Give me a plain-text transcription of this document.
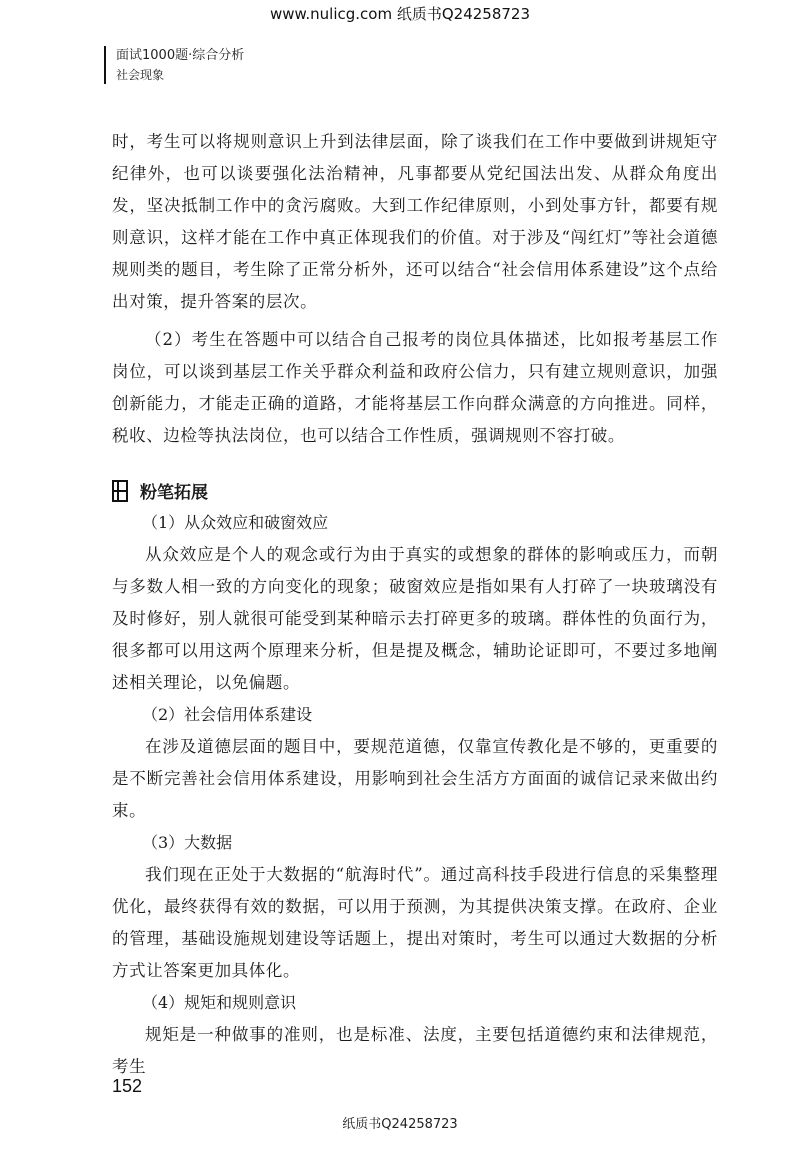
www.nulicg.com 纸质书Q24258723
面试1000题·综合分析
社会现象

时，考生可以将规则意识上升到法律层面，除了谈我们在工作中要做到讲规矩守纪律外，也可以谈要强化法治精神，凡事都要从党纪国法出发、从群众角度出发，坚决抵制工作中的贪污腐败。大到工作纪律原则，小到处事方针，都要有规则意识，这样才能在工作中真正体现我们的价值。对于涉及“闯红灯”等社会道德规则类的题目，考生除了正常分析外，还可以结合“社会信用体系建设”这个点给出对策，提升答案的层次。

（2）考生在答题中可以结合自己报考的岗位具体描述，比如报考基层工作岗位，可以谈到基层工作关乎群众利益和政府公信力，只有建立规则意识，加强创新能力，才能走正确的道路，才能将基层工作向群众满意的方向推进。同样，税收、边检等执法岗位，也可以结合工作性质，强调规则不容打破。

粉笔拓展

（1）从众效应和破窗效应

从众效应是个人的观念或行为由于真实的或想象的群体的影响或压力，而朝与多数人相一致的方向变化的现象；破窗效应是指如果有人打碎了一块玻璃没有及时修好，别人就很可能受到某种暗示去打碎更多的玻璃。群体性的负面行为，很多都可以用这两个原理来分析，但是提及概念，辅助论证即可，不要过多地阐述相关理论，以免偏题。

（2）社会信用体系建设

在涉及道德层面的题目中，要规范道德，仅靠宣传教化是不够的，更重要的是不断完善社会信用体系建设，用影响到社会生活方方面面的诚信记录来做出约束。

（3）大数据

我们现在正处于大数据的“航海时代”。通过高科技手段进行信息的采集整理优化，最终获得有效的数据，可以用于预测，为其提供决策支撑。在政府、企业的管理，基础设施规划建设等话题上，提出对策时，考生可以通过大数据的分析方式让答案更加具体化。

（4）规矩和规则意识

规矩是一种做事的准则，也是标准、法度，主要包括道德约束和法律规范，考生

152
纸质书Q24258723
